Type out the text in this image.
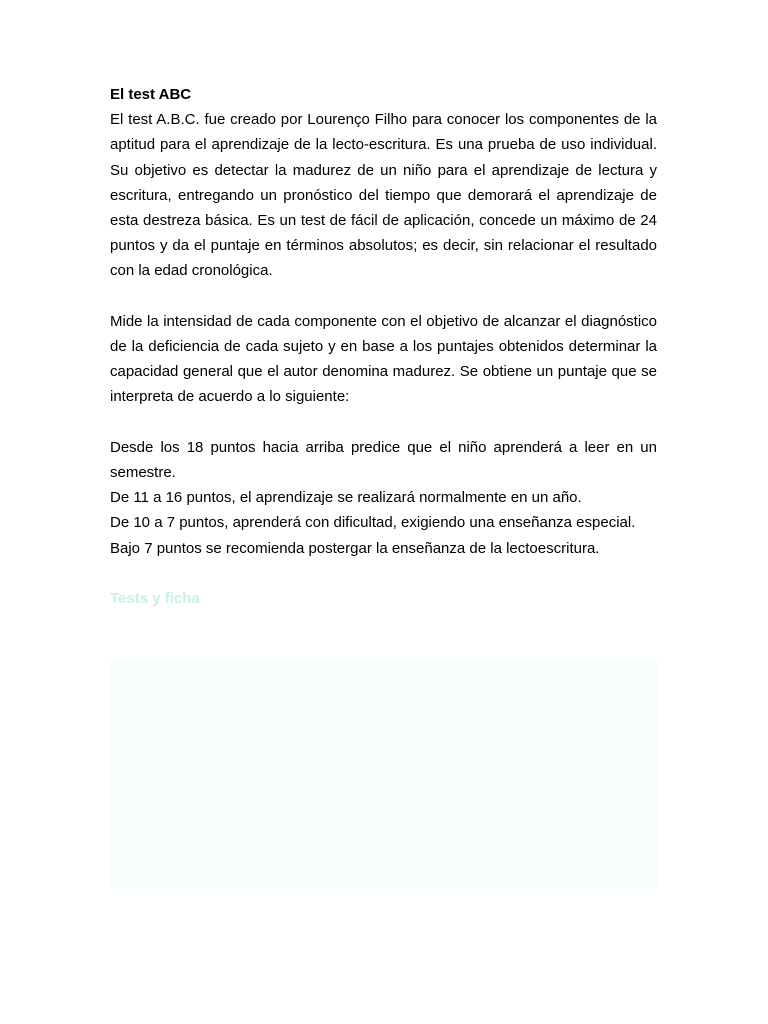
El test ABC

El test A.B.C. fue creado por Lourenço Filho para conocer los componentes de la aptitud para el aprendizaje de la lecto-escritura. Es una prueba de uso individual. Su objetivo es detectar la madurez de un niño para el aprendizaje de lectura y escritura, entregando un pronóstico del tiempo que demorará el aprendizaje de esta destreza básica. Es un test de fácil de aplicación, concede un máximo de 24 puntos y da el puntaje en términos absolutos; es decir, sin relacionar el resultado con la edad cronológica.

Mide la intensidad de cada componente con el objetivo de alcanzar el diagnóstico de la deficiencia de cada sujeto y en base a los puntajes obtenidos determinar la capacidad general que el autor denomina madurez. Se obtiene un puntaje que se interpreta de acuerdo a lo siguiente:

Desde los 18 puntos hacia arriba predice que el niño aprenderá a leer en un semestre.

De 11 a 16 puntos, el aprendizaje se realizará normalmente en un año.

De 10 a 7 puntos, aprenderá con dificultad, exigiendo una enseñanza especial.

Bajo 7 puntos se recomienda postergar la enseñanza de la lectoescritura.

Tests y ficha
